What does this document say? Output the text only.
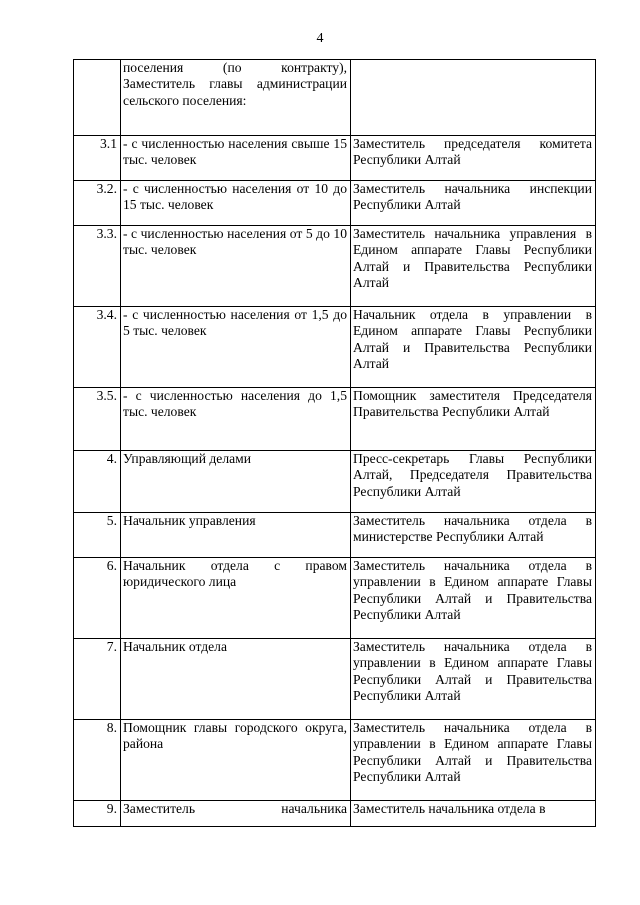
4
	поселения (по контракту), Заместитель главы администрации сельского поселения:	
3.1	- с численностью населения свыше 15 тыс. человек	Заместитель председателя комитета Республики Алтай
3.2.	- с численностью населения от 10 до 15 тыс. человек	Заместитель начальника инспекции Республики Алтай
3.3.	- с численностью населения от 5 до 10 тыс. человек	Заместитель начальника управления в Едином аппарате Главы Республики Алтай и Правительства Республики Алтай
3.4.	- с численностью населения от 1,5 до 5 тыс. человек	Начальник отдела в управлении в Едином аппарате Главы Республики Алтай и Правительства Республики Алтай
3.5.	- с численностью населения до 1,5 тыс. человек	Помощник заместителя Председателя Правительства Республики Алтай
4.	Управляющий делами	Пресс-секретарь Главы Республики Алтай, Председателя Правительства Республики Алтай
5.	Начальник управления	Заместитель начальника отдела в министерстве Республики Алтай
6.	Начальник отдела с правом юридического лица	Заместитель начальника отдела в управлении в Едином аппарате Главы Республики Алтай и Правительства Республики Алтай
7.	Начальник отдела	Заместитель начальника отдела в управлении в Едином аппарате Главы Республики Алтай и Правительства Республики Алтай
8.	Помощник главы городского округа, района	Заместитель начальника отдела в управлении в Едином аппарате Главы Республики Алтай и Правительства Республики Алтай
9.	Заместитель начальника	Заместитель начальника отдела в
